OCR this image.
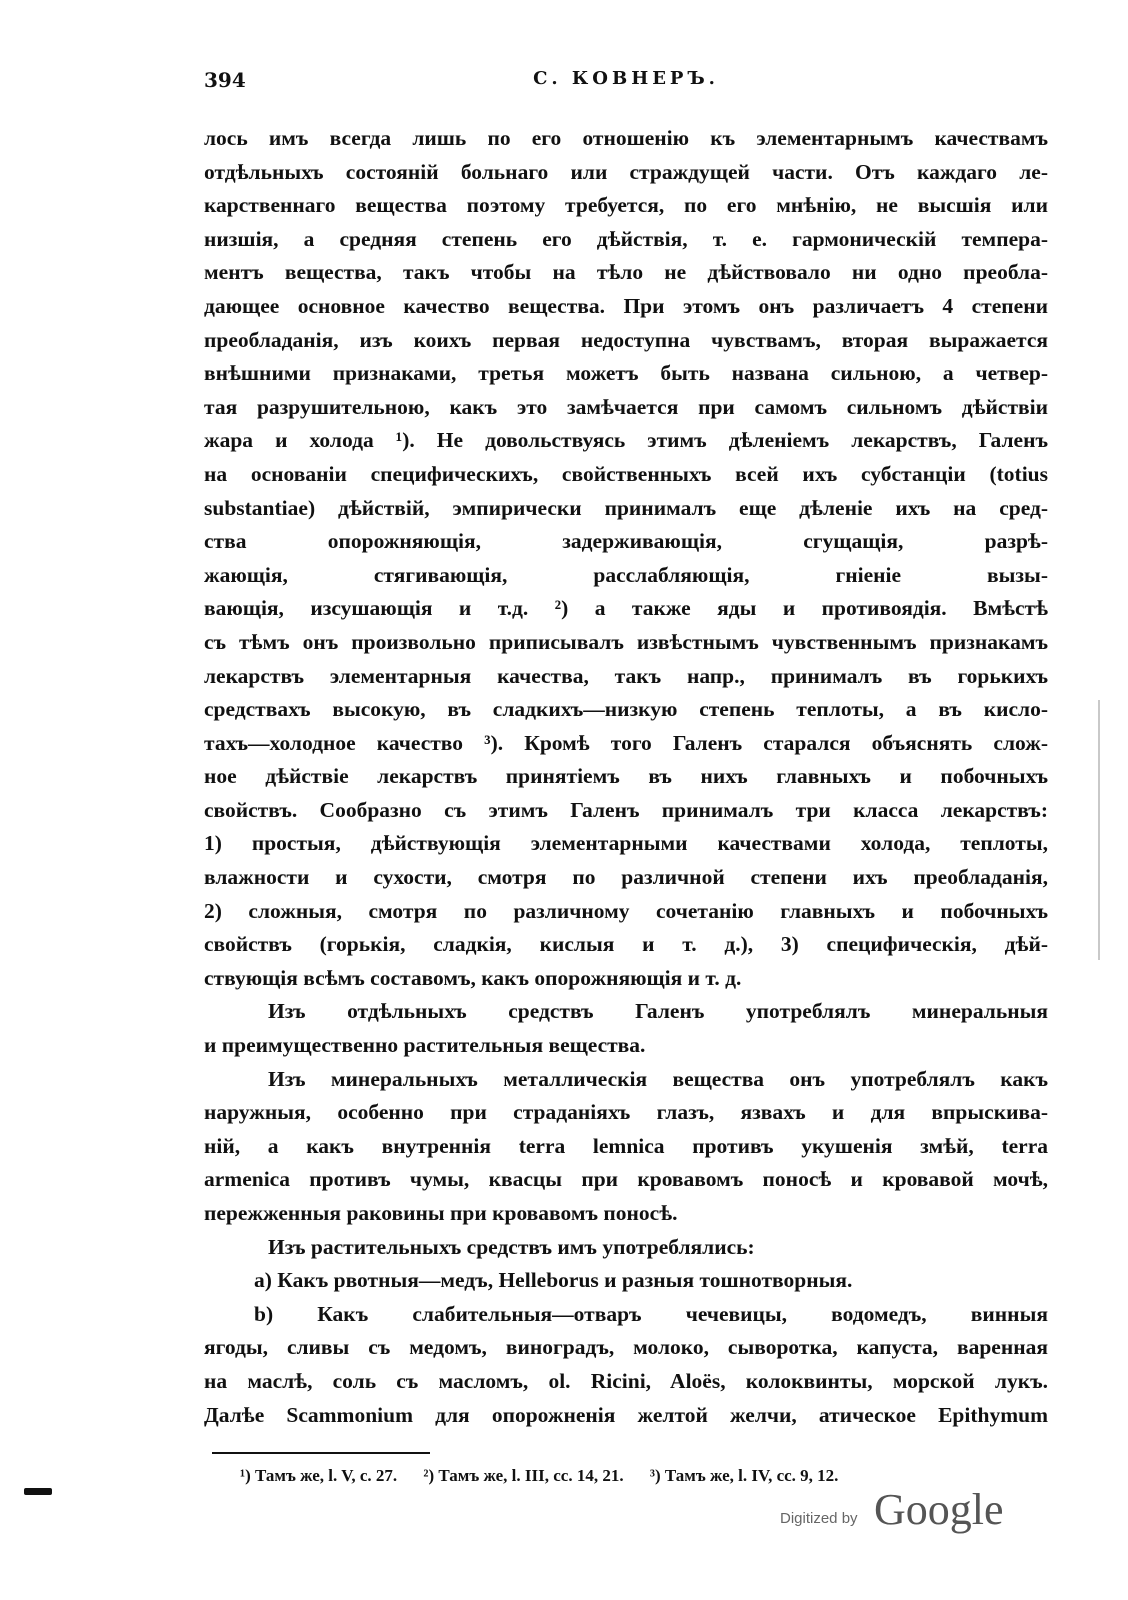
394	С. КОВНЕРЪ.
лось имъ всегда лишь по его отношенію къ элементарнымъ качествамъ
отдѣльныхъ состояній больнаго или страждущей части. Отъ каждаго ле-
карственнаго вещества поэтому требуется, по его мнѣнію, не высшія или
низшія, а средняя степень его дѣйствія, т. е. гармоническій темпера-
ментъ вещества, такъ чтобы на тѣло не дѣйствовало ни одно преобла-
дающее основное качество вещества. При этомъ онъ различаетъ 4 степени
преобладанія, изъ коихъ первая недоступна чувствамъ, вторая выражается
внѣшними признаками, третья можетъ быть названа сильною, а четвер-
тая разрушительною, какъ это замѣчается при самомъ сильномъ дѣйствіи
жара и холода ¹). Не довольствуясь этимъ дѣленіемъ лекарствъ, Галенъ
на основаніи специфическихъ, свойственныхъ всей ихъ субстанціи (totius
substantiae) дѣйствій, эмпирически принималъ еще дѣленіе ихъ на сред-
ства опорожняющія, задерживающія, сгущащія, разрѣ-
жающія, стягивающія, расслабляющія, гніеніе вызы-
вающія, изсушающія и т.д. ²) а также яды и противоядія. Вмѣстѣ
съ тѣмъ онъ произвольно приписывалъ извѣстнымъ чувственнымъ признакамъ
лекарствъ элементарныя качества, такъ напр., принималъ въ горькихъ
средствахъ высокую, въ сладкихъ—низкую степень теплоты, а въ кисло-
тахъ—холодное качество ³). Кромѣ того Галенъ старался объяснять слож-
ное дѣйствіе лекарствъ принятіемъ въ нихъ главныхъ и побочныхъ
свойствъ. Сообразно съ этимъ Галенъ принималъ три класса лекарствъ:
1) простыя, дѣйствующія элементарными качествами холода, теплоты,
влажности и сухости, смотря по различной степени ихъ преобладанія,
2) сложныя, смотря по различному сочетанію главныхъ и побочныхъ
свойствъ (горькія, сладкія, кислыя и т. д.), 3) специфическія, дѣй-
ствующія всѣмъ составомъ, какъ опорожняющія и т. д.
Изъ отдѣльныхъ средствъ Галенъ употреблялъ минеральныя
и преимущественно растительныя вещества.
Изъ минеральныхъ металлическія вещества онъ употреблялъ какъ
наружныя, особенно при страданіяхъ глазъ, язвахъ и для впрыскива-
ній, а какъ внутреннія terra lemnica противъ укушенія змѣй, terra
armenica противъ чумы, квасцы при кровавомъ поносѣ и кровавой мочѣ,
пережженныя раковины при кровавомъ поносѣ.
Изъ растительныхъ средствъ имъ употреблялись:
a) Какъ рвотныя—медъ, Helleborus и разныя тошнотворныя.
b) Какъ слабительныя—отваръ чечевицы, водомедъ, винныя
ягоды, сливы съ медомъ, виноградъ, молоко, сыворотка, капуста, варенная
на маслѣ, соль съ масломъ, ol. Ricini, Aloës, колоквинты, морской лукъ.
Далѣе Scammonium для опорожненія желтой желчи, атическое Epithymum
¹) Тамъ же, l. V, с. 27. ²) Тамъ же, l. III, сс. 14, 21. ³) Тамъ же, l. IV, сс. 9, 12.
Digitized by Google
